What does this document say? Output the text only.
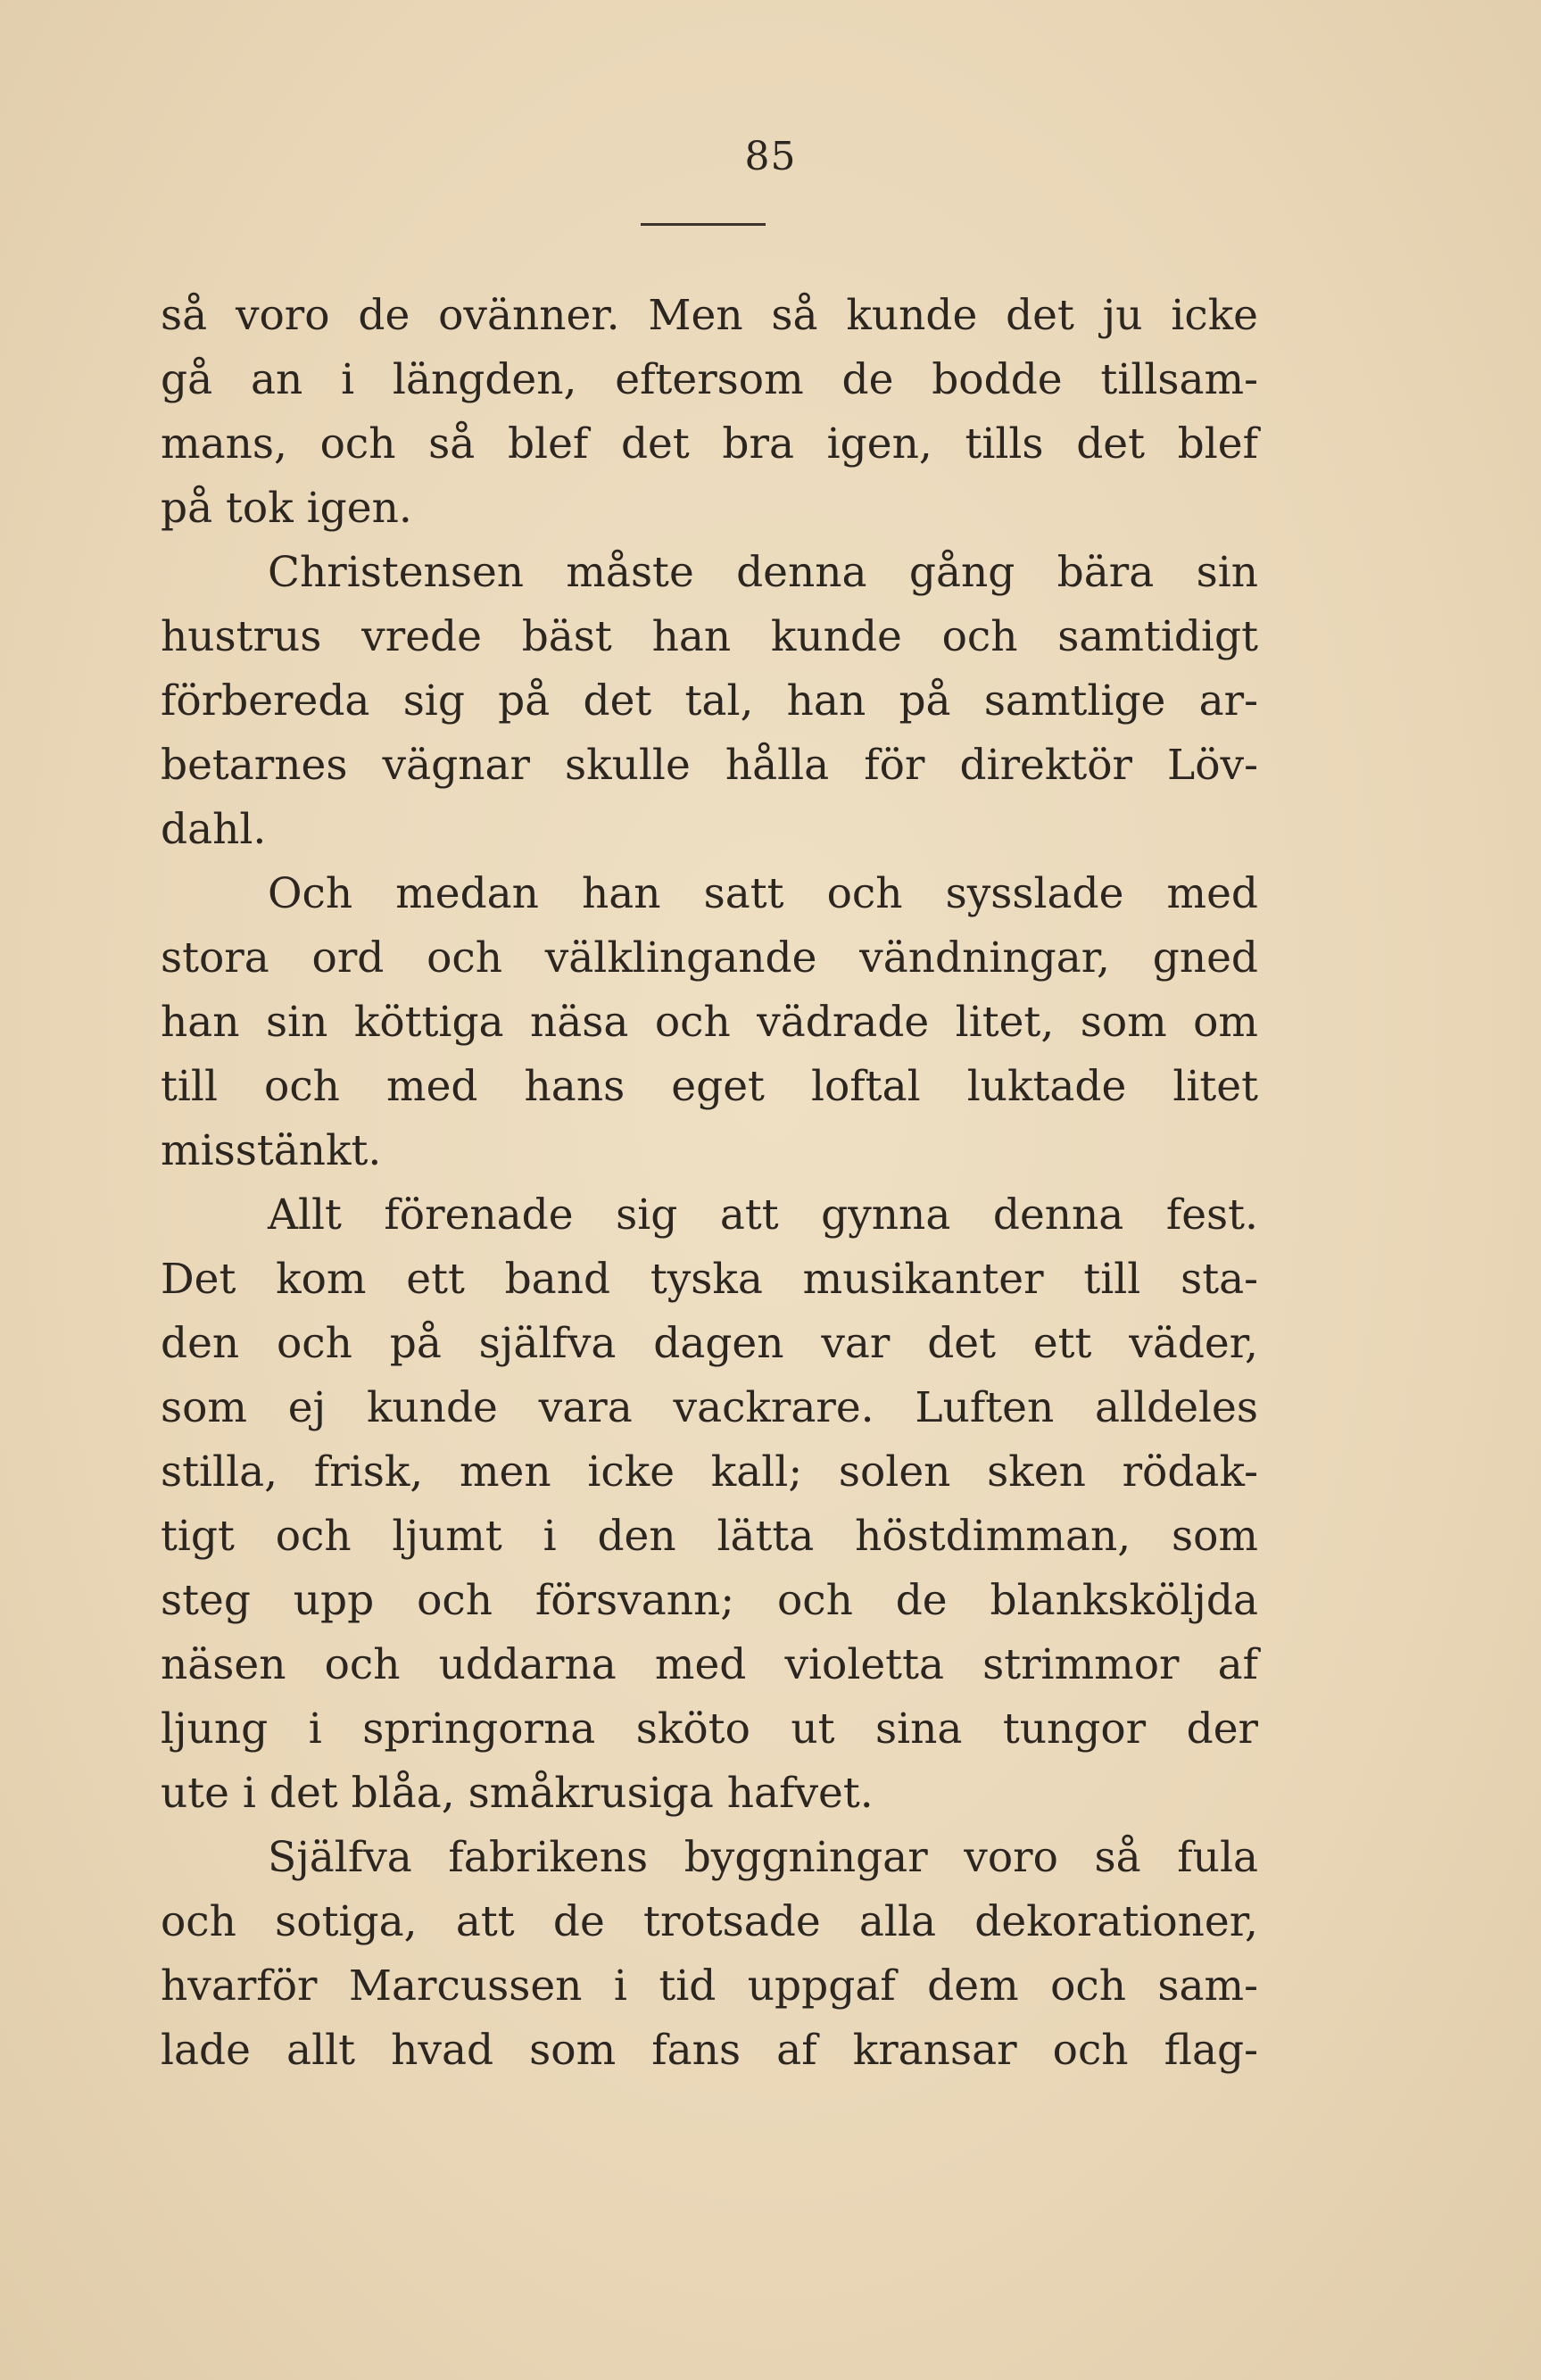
85
så voro de ovänner. Men så kunde det ju icke
gå an i längden, eftersom de bodde tillsam-
mans, och så blef det bra igen, tills det blef
på tok igen.
Christensen måste denna gång bära sin
hustrus vrede bäst han kunde och samtidigt
förbereda sig på det tal, han på samtlige ar-
betarnes vägnar skulle hålla för direktör Löv-
dahl.
Och medan han satt och sysslade med
stora ord och välklingande vändningar, gned
han sin köttiga näsa och vädrade litet, som om
till och med hans eget loftal luktade litet
misstänkt.
Allt förenade sig att gynna denna fest.
Det kom ett band tyska musikanter till sta-
den och på själfva dagen var det ett väder,
som ej kunde vara vackrare. Luften alldeles
stilla, frisk, men icke kall; solen sken rödak-
tigt och ljumt i den lätta höstdimman, som
steg upp och försvann; och de blanksköljda
näsen och uddarna med violetta strimmor af
ljung i springorna sköto ut sina tungor der
ute i det blåa, småkrusiga hafvet.
Själfva fabrikens byggningar voro så fula
och sotiga, att de trotsade alla dekorationer,
hvarför Marcussen i tid uppgaf dem och sam-
lade allt hvad som fans af kransar och flag-
